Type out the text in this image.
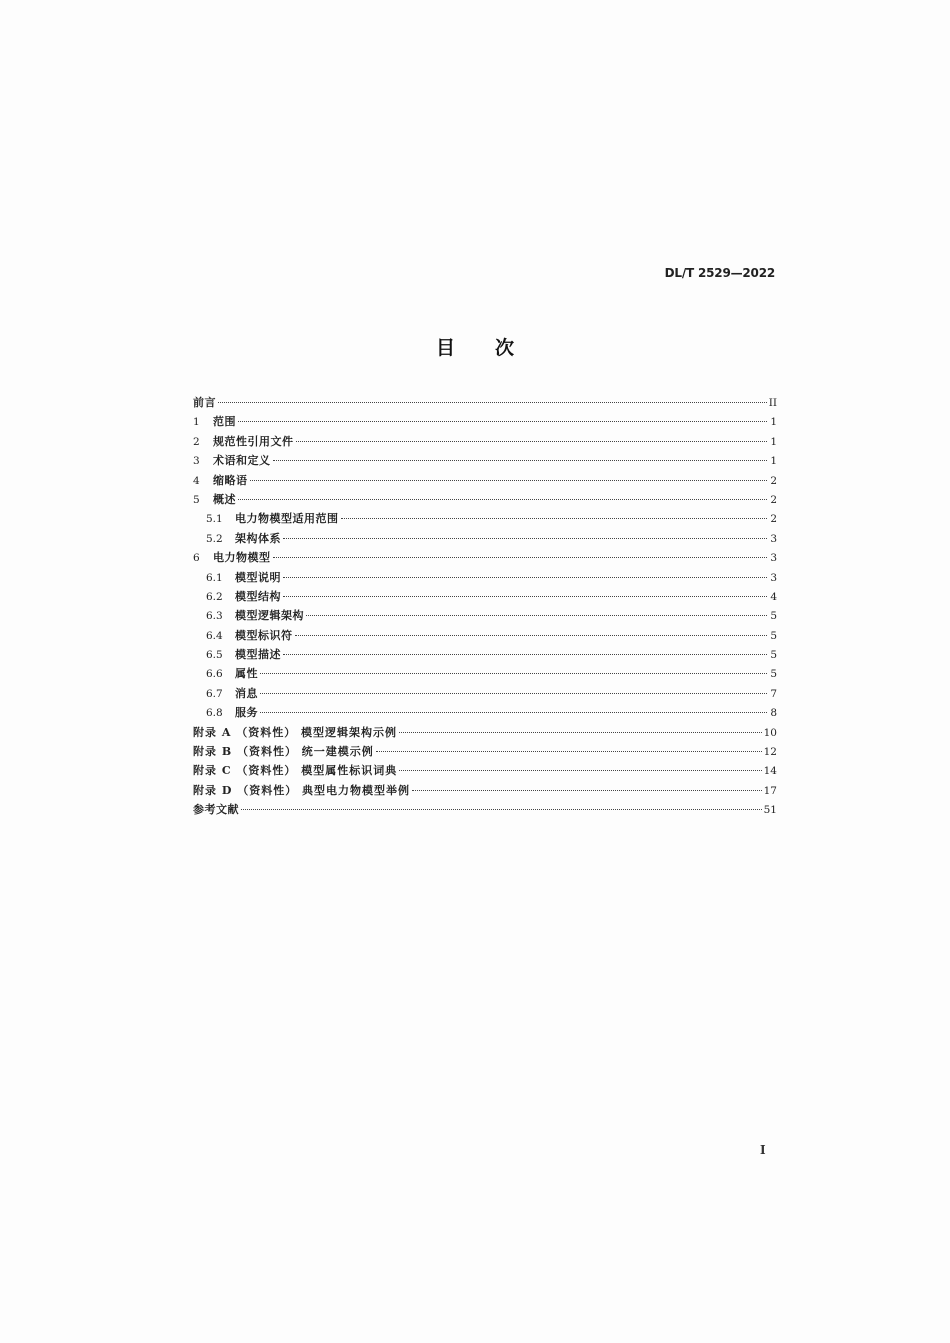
DL/T 2529—2022
目 次
前言	II
1	范围	1
2	规范性引用文件	1
3	术语和定义	1
4	缩略语	2
5	概述	2
5.1	电力物模型适用范围	2
5.2	架构体系	3
6	电力物模型	3
6.1	模型说明	3
6.2	模型结构	4
6.3	模型逻辑架构	5
6.4	模型标识符	5
6.5	模型描述	5
6.6	属性	5
6.7	消息	7
6.8	服务	8
附录 A （资料性） 模型逻辑架构示例	10
附录 B （资料性） 统一建模示例	12
附录 C （资料性） 模型属性标识词典	14
附录 D （资料性） 典型电力物模型举例	17
参考文献	51
I
